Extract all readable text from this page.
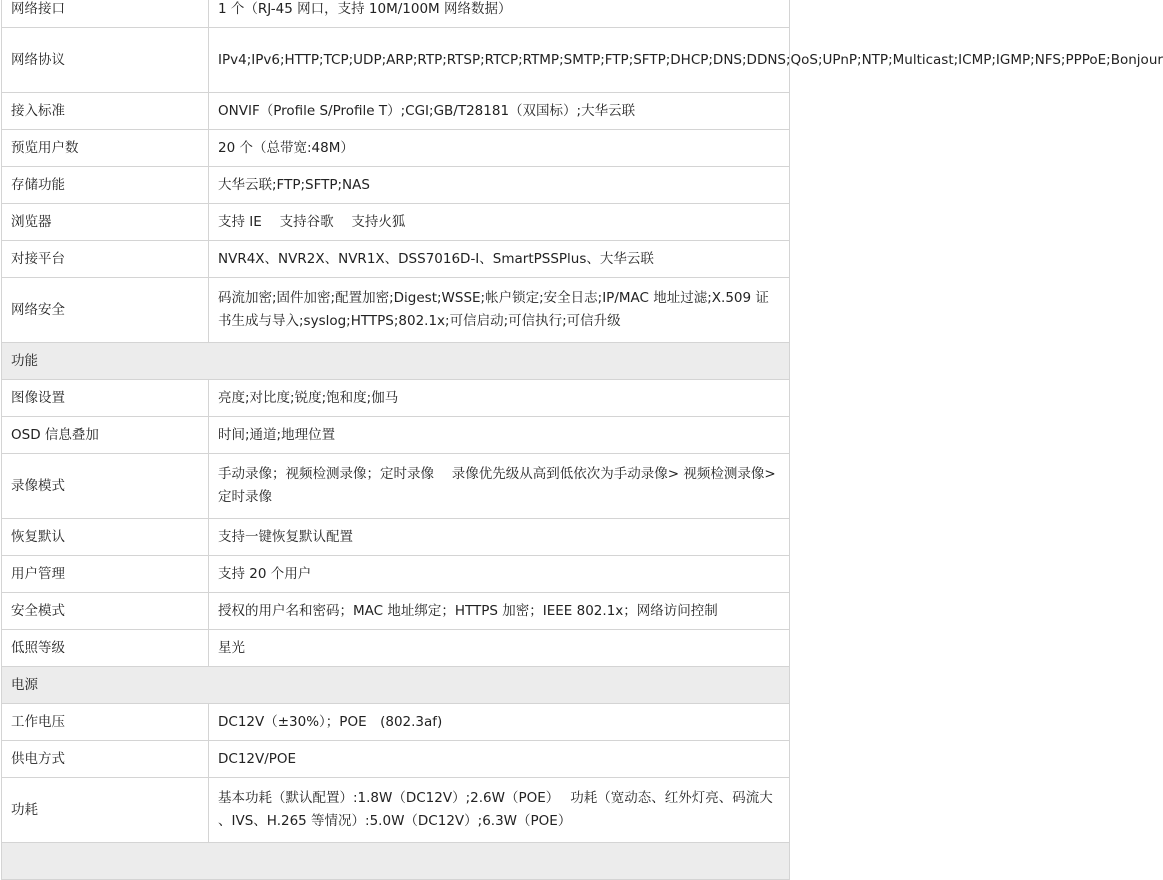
网络接口	1 个（RJ-45 网口，支持 10M/100M 网络数据）
网络协议	IPv4;IPv6;HTTP;TCP;UDP;ARP;RTP;RTSP;RTCP;RTMP;SMTP;FTP;SFTP;DHCP;DNS;DDNS;QoS;UPnP;NTP;Multicast;ICMP;IGMP;NFS;PPPoE;Bonjour
接入标准	ONVIF（Profile S/Profile T）;CGI;GB/T28181（双国标）;大华云联
预览用户数	20 个（总带宽:48M）
存储功能	大华云联;FTP;SFTP;NAS
浏览器	支持 IE　 支持谷歌　 支持火狐
对接平台	NVR4X、NVR2X、NVR1X、DSS7016D-I、SmartPSSPlus、大华云联
网络安全	码流加密;固件加密;配置加密;Digest;WSSE;帐户锁定;安全日志;IP/MAC 地址过滤;X.509 证书生成与导入;syslog;HTTPS;802.1x;可信启动;可信执行;可信升级
功能	
图像设置	亮度;对比度;锐度;饱和度;伽马
OSD 信息叠加	时间;通道;地理位置
录像模式	手动录像；视频检测录像；定时录像　 录像优先级从高到低依次为手动录像> 视频检测录像> 定时录像
恢复默认	支持一键恢复默认配置
用户管理	支持 20 个用户
安全模式	授权的用户名和密码；MAC 地址绑定；HTTPS 加密；IEEE 802.1x；网络访问控制
低照等级	星光
电源	
工作电压	DC12V（±30%）；POE　(802.3af)
供电方式	DC12V/POE
功耗	基本功耗（默认配置）:1.8W（DC12V）;2.6W（POE）　 功耗（宽动态、红外灯亮、码流大 、IVS、H.265 等情况）:5.0W（DC12V）;6.3W（POE）
